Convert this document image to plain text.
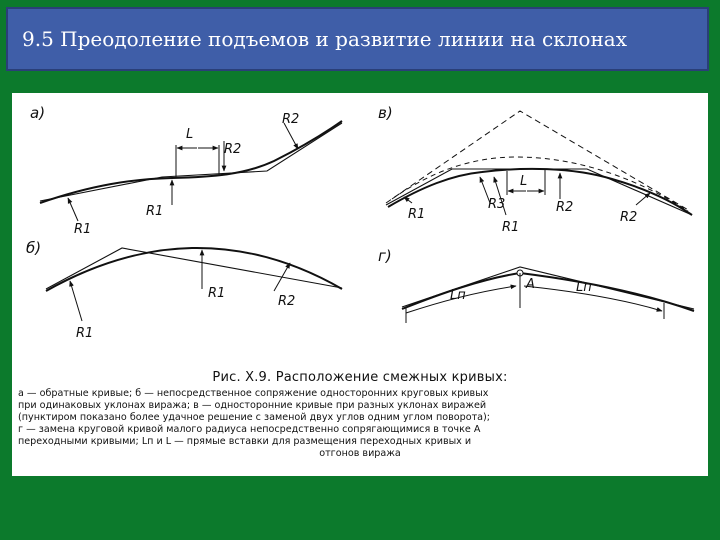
9.5 Преодоление подъемов и развитие линии на склонах
а)
L
R1
R1
R2
R2
б)
R1
R1
R2
в)
L
R1
R3
R1
R2
R2
г)
A
Lп
Lп
Рис. X.9. Расположение смежных кривых:
а — обратные кривые; б — непосредственное сопряжение односторонних круговых кривых
при одинаковых уклонах виража; в — односторонние кривые при разных уклонах виражей
(пунктиром показано более удачное решение с заменой двух углов одним углом поворота);
г — замена круговой кривой малого радиуса непосредственно сопрягающимися в точке А
переходными кривыми; Lп и L — прямые вставки для размещения переходных кривых и
отгонов виража
